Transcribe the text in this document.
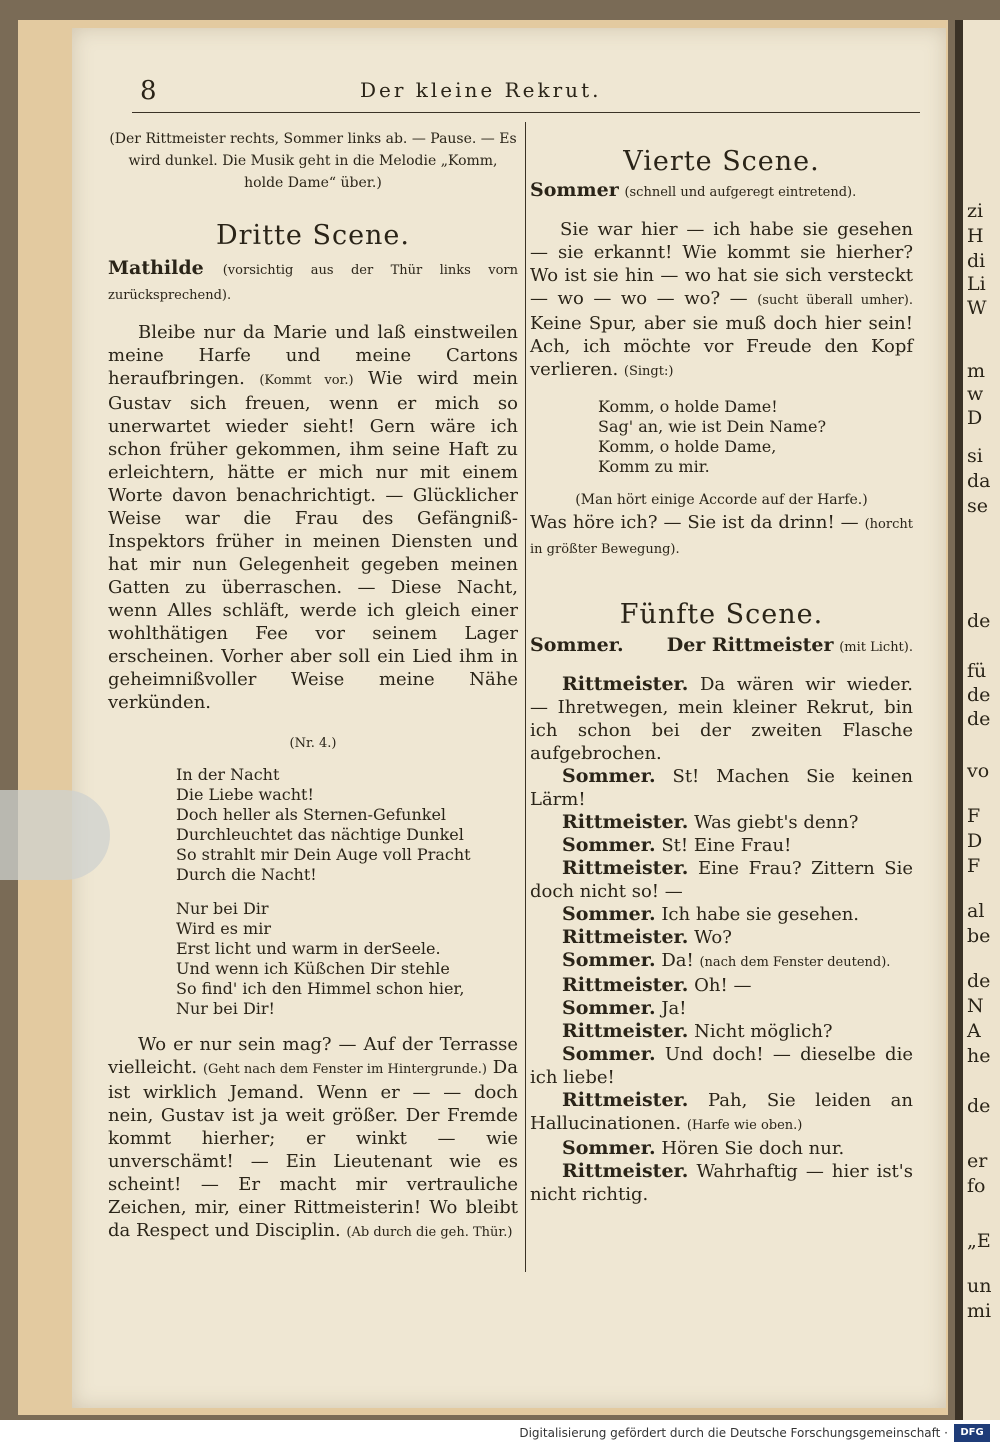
zi
H
di
Li
W
m
w
D
si
da
se
de
fü
de
de
vo
F
D
F
al
be
de
N
A
he
de
er
fo
„E
un
mi
8	Der kleine Rekrut.

(Der Rittmeister rechts, Sommer links ab. — Pause. — Es wird dunkel. Die Musik geht in die Melodie „Komm, holde Dame“ über.)

Dritte Scene.

Mathilde (vorsichtig aus der Thür links vorn zurücksprechend).

Bleibe nur da Marie und laß einstweilen meine Harfe und meine Cartons heraufbringen. (Kommt vor.) Wie wird mein Gustav sich freuen, wenn er mich so unerwartet wieder sieht! Gern wäre ich schon früher gekommen, ihm seine Haft zu erleichtern, hätte er mich nur mit einem Worte davon benachrichtigt. — Glücklicher Weise war die Frau des Gefängniß-Inspektors früher in meinen Diensten und hat mir nun Gelegenheit gegeben meinen Gatten zu überraschen. — Diese Nacht, wenn Alles schläft, werde ich gleich einer wohlthätigen Fee vor seinem Lager erscheinen. Vorher aber soll ein Lied ihm in geheimnißvoller Weise meine Nähe verkünden.

(Nr. 4.)

In der Nacht
Die Liebe wacht!
Doch heller als Sternen-Gefunkel
Durchleuchtet das nächtige Dunkel
So strahlt mir Dein Auge voll Pracht
Durch die Nacht!
Nur bei Dir
Wird es mir
Erst licht und warm in derSeele.
Und wenn ich Küßchen Dir stehle
So find' ich den Himmel schon hier,
Nur bei Dir!

Wo er nur sein mag? — Auf der Terrasse vielleicht. (Geht nach dem Fenster im Hintergrunde.) Da ist wirklich Jemand. Wenn er — — doch nein, Gustav ist ja weit größer. Der Fremde kommt hierher; er winkt — wie unverschämt! — Ein Lieutenant wie es scheint! — Er macht mir vertrauliche Zeichen, mir, einer Rittmeisterin! Wo bleibt da Respect und Disciplin. (Ab durch die geh. Thür.)

Vierte Scene.

Sommer (schnell und aufgeregt eintretend).

Sie war hier — ich habe sie gesehen — sie erkannt! Wie kommt sie hierher? Wo ist sie hin — wo hat sie sich versteckt — wo — wo — wo? — (sucht überall umher). Keine Spur, aber sie muß doch hier sein! Ach, ich möchte vor Freude den Kopf verlieren. (Singt:)

Komm, o holde Dame!
Sag' an, wie ist Dein Name?
Komm, o holde Dame,
Komm zu mir.

(Man hört einige Accorde auf der Harfe.)

Was höre ich? — Sie ist da drinn! — (horcht in größter Bewegung).

Fünfte Scene.

Sommer. Der Rittmeister (mit Licht).

Rittmeister. Da wären wir wieder. — Ihretwegen, mein kleiner Rekrut, bin ich schon bei der zweiten Flasche aufgebrochen.

Sommer. St! Machen Sie keinen Lärm!

Rittmeister. Was giebt's denn?

Sommer. St! Eine Frau!

Rittmeister. Eine Frau? Zittern Sie doch nicht so! —

Sommer. Ich habe sie gesehen.

Rittmeister. Wo?

Sommer. Da! (nach dem Fenster deutend).

Rittmeister. Oh! —

Sommer. Ja!

Rittmeister. Nicht möglich?

Sommer. Und doch! — dieselbe die ich liebe!

Rittmeister. Pah, Sie leiden an Hallucinationen. (Harfe wie oben.)

Sommer. Hören Sie doch nur.

Rittmeister. Wahrhaftig — hier ist's nicht richtig.

Digitalisierung gefördert durch die Deutsche Forschungsgemeinschaft ·	DFG
